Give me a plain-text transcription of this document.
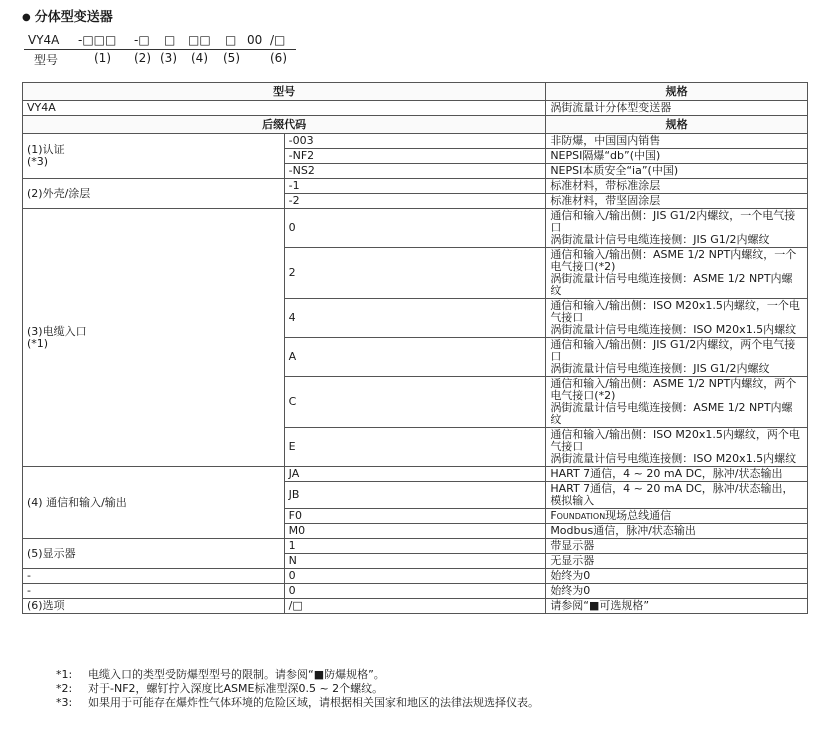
● 分体型变送器
VY4A -□□□ -□ □ □□ □ 00 /□
型号	(1) (2) (3) (4) (5)	(6)
型号		规格
VY4A		涡街流量计分体型变送器
后缀代码		规格
(1)认证
(*3)	-003	非防爆，中国国内销售
	-NF2	NEPSI隔爆“db”(中国)
	-NS2	NEPSI本质安全“ia”(中国)
(2)外壳/涂层	-1	标准材料，带标准涂层
	-2	标准材料，带坚固涂层
(3)电缆入口
(*1)	0	通信和输入/输出侧：JIS G1/2内螺纹，一个电气接口
涡街流量计信号电缆连接侧：JIS G1/2内螺纹
	2	通信和输入/输出侧：ASME 1/2 NPT内螺纹，一个电气接口(*2)
涡街流量计信号电缆连接侧：ASME 1/2 NPT内螺纹
	4	通信和输入/输出侧：ISO M20x1.5内螺纹，一个电气接口
涡街流量计信号电缆连接侧：ISO M20x1.5内螺纹
	A	通信和输入/输出侧：JIS G1/2内螺纹，两个电气接口
涡街流量计信号电缆连接侧：JIS G1/2内螺纹
	C	通信和输入/输出侧：ASME 1/2 NPT内螺纹，两个电气接口(*2)
涡街流量计信号电缆连接侧：ASME 1/2 NPT内螺纹
	E	通信和输入/输出侧：ISO M20x1.5内螺纹，两个电气接口
涡街流量计信号电缆连接侧：ISO M20x1.5内螺纹
(4) 通信和输入/输出	JA	HART 7通信，4 ~ 20 mA DC，脉冲/状态输出
	JB	HART 7通信，4 ~ 20 mA DC，脉冲/状态输出，模拟输入
	F0	Foundation现场总线通信
	M0	Modbus通信，脉冲/状态输出
(5)显示器	1	带显示器
	N	无显示器
-	0	始终为0
-	0	始终为0
(6)选项	/□	请参阅“■可选规格”
*1:	电缆入口的类型受防爆型型号的限制。请参阅“■防爆规格”。
*2:	对于-NF2，螺钉拧入深度比ASME标准型深0.5 ~ 2个螺纹。
*3:	如果用于可能存在爆炸性气体环境的危险区域，请根据相关国家和地区的法律法规选择仪表。
